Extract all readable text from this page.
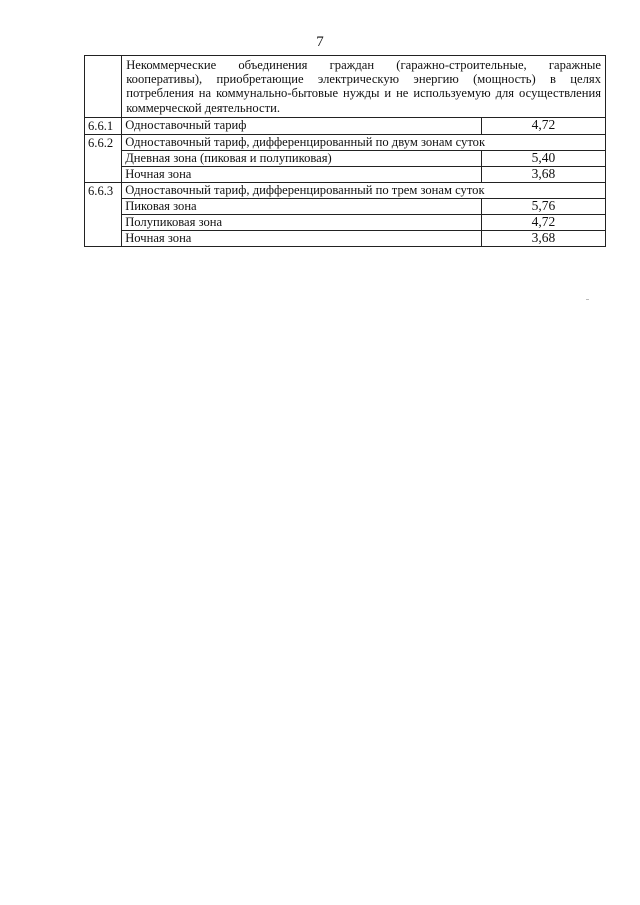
7
	Некоммерческие объединения граждан (гаражно-строительные, гаражные кооперативы), приобретающие электрическую энергию (мощность) в целях потребления на коммунально-бытовые нужды и не используемую для осуществления коммерческой деятельности.	
6.6.1	Одноставочный тариф	4,72
6.6.2	Одноставочный тариф, дифференцированный по двум зонам суток	
	Дневная зона (пиковая и полупиковая)	5,40
	Ночная зона	3,68
6.6.3	Одноставочный тариф, дифференцированный по трем зонам суток	
	Пиковая зона	5,76
	Полупиковая зона	4,72
	Ночная зона	3,68
